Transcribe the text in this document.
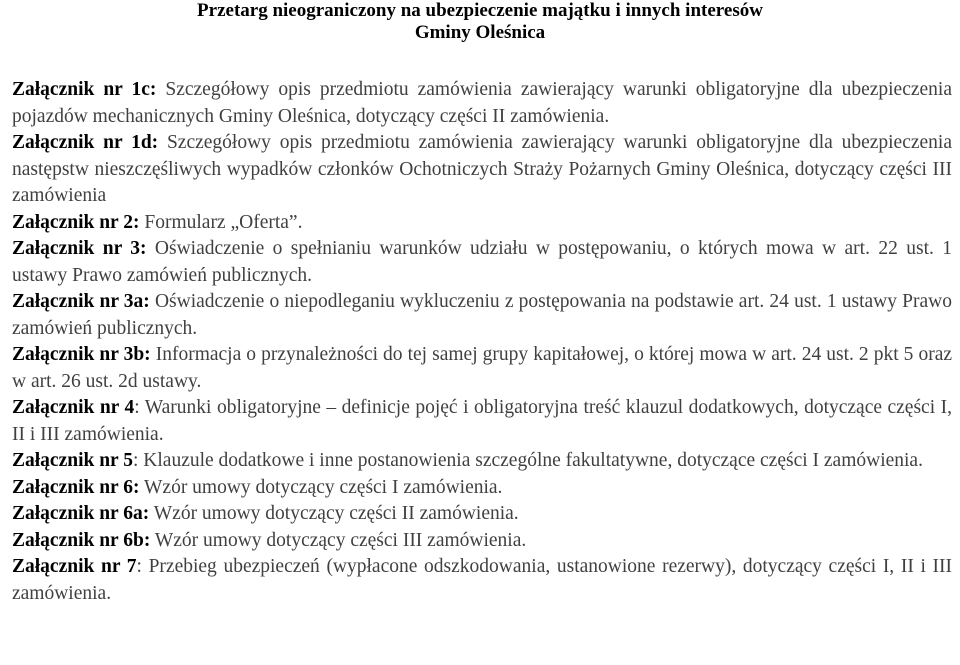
Przetarg nieograniczony na ubezpieczenie majątku i innych interesów
Gminy Oleśnica

Załącznik nr 1c: Szczegółowy opis przedmiotu zamówienia zawierający warunki obligatoryjne dla ubezpieczenia pojazdów mechanicznych Gminy Oleśnica, dotyczący części II zamówienia.

Załącznik nr 1d: Szczegółowy opis przedmiotu zamówienia zawierający warunki obligatoryjne dla ubezpieczenia następstw nieszczęśliwych wypadków członków Ochotniczych Straży Pożarnych Gminy Oleśnica, dotyczący części III zamówienia

Załącznik nr 2: Formularz „Oferta”.

Załącznik nr 3: Oświadczenie o spełnianiu warunków udziału w postępowaniu, o których mowa w art. 22 ust. 1 ustawy Prawo zamówień publicznych.

Załącznik nr 3a: Oświadczenie o niepodleganiu wykluczeniu z postępowania na podstawie art. 24 ust. 1 ustawy Prawo zamówień publicznych.

Załącznik nr 3b: Informacja o przynależności do tej samej grupy kapitałowej, o której mowa w art. 24 ust. 2 pkt 5 oraz w art. 26 ust. 2d ustawy.

Załącznik nr 4: Warunki obligatoryjne – definicje pojęć i obligatoryjna treść klauzul dodatkowych, dotyczące części I, II i III zamówienia.

Załącznik nr 5: Klauzule dodatkowe i inne postanowienia szczególne fakultatywne, dotyczące części I zamówienia.

Załącznik nr 6: Wzór umowy dotyczący części I zamówienia.

Załącznik nr 6a: Wzór umowy dotyczący części II zamówienia.

Załącznik nr 6b: Wzór umowy dotyczący części III zamówienia.

Załącznik nr 7: Przebieg ubezpieczeń (wypłacone odszkodowania, ustanowione rezerwy), dotyczący części I, II i III zamówienia.
